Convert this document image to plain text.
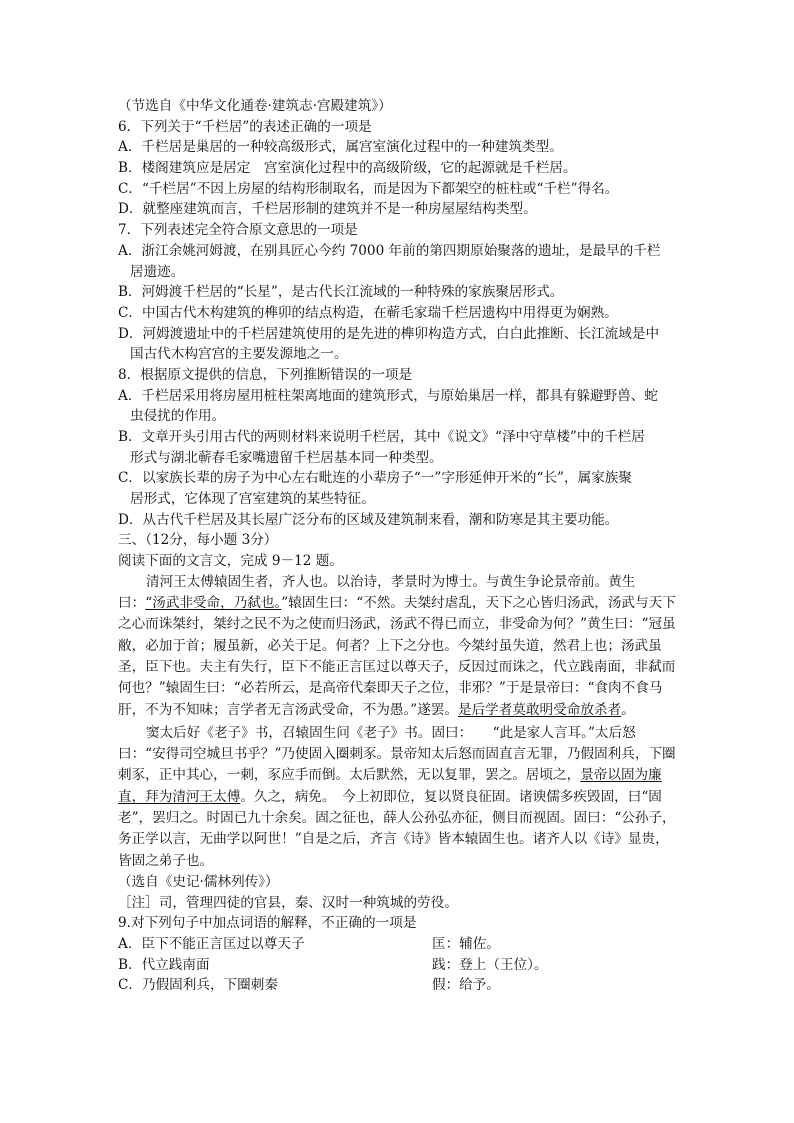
（节选自《中华文化通卷·建筑志·宫殿建筑》）
6．下列关于“千栏居”的表述正确的一项是
A．千栏居是巢居的一种较高级形式，属宫室演化过程中的一种建筑类型。
B．楼阁建筑应是居定　宫室演化过程中的高级阶级，它的起源就是千栏居。
C．“千栏居”不因上房屋的结构形制取名，而是因为下都架空的桩柱或“千栏”得名。
D．就整座建筑而言，千栏居形制的建筑并不是一种房屋屋结构类型。
7．下列表述完全符合原文意思的一项是
A．浙江余姚河姆渡，在别具匠心今约 7000 年前的第四期原始聚落的遗址，是最早的千栏
居遗迹。
B．河姆渡千栏居的“长星”，是古代长江流域的一种特殊的家族聚居形式。
C．中国古代木构建筑的榫卯的结点构造，在蕲毛家瑞千栏居遗构中用得更为娴熟。
D．河姆渡遗址中的千栏居建筑使用的是先进的榫卯构造方式，白白此推断、长江流域是中
国古代木构宫宫的主要发源地之一。
8．根据原文提供的信息，下列推断错误的一项是
A．千栏居采用将房屋用桩柱架离地面的建筑形式，与原始巢居一样，都具有躲避野兽、蛇
虫侵扰的作用。
B．文章开头引用古代的两则材料来说明千栏居，其中《说文》“泽中守草楼”中的千栏居
形式与湖北蕲春毛家嘴遗留千栏居基本同一种类型。
C．以家族长辈的房子为中心左右毗连的小辈房子“一”字形延伸开米的“长”，属家族聚
居形式，它体现了宫室建筑的某些特征。
D．从古代千栏居及其长屋广泛分布的区域及建筑制来看，潮和防寒是其主要功能。
三、（12分，每小题 3分）
阅读下面的文言文，完成 9－12 题。
清河王太傅辕固生者，齐人也。以治诗，孝景时为博士。与黄生争论景帝前。黄生曰：“汤武非受命，乃弑也。”辕固生曰：“不然。夫桀纣虐乱，天下之心皆归汤武，汤武与天下之心而诛桀纣，桀纣之民不为之使而归汤武，汤武不得已而立，非受命为何？”黄生曰：“冠虽敝，必加于首；履虽新，必关于足。何者？上下之分也。今桀纣虽失道，然君上也；汤武虽圣，臣下也。夫主有失行，臣下不能正言匡过以尊天子，反因过而诛之，代立践南面，非弑而何也？”辕固生曰：“必若所云，是高帝代秦即天子之位，非邪？”于是景帝曰：“食肉不食马肝，不为不知味；言学者无言汤武受命，不为愚。”遂罢。是后学者莫敢明受命放杀者。
窦太后好《老子》书，召辕固生问《老子》书。固曰：　　“此是家人言耳。”太后怒曰：“安得司空城旦书乎？”乃使固入圈刺豕。景帝知太后怒而固直言无罪，乃假固利兵，下圈刺豕，正中其心，一刺，豕应手而倒。太后默然，无以复罪，罢之。居顷之，景帝以固为廉直，拜为清河王太傅。久之，病免。　今上初即位，复以贤良征固。诸谀儒多疾毁固，曰“固老”，罢归之。时固已九十余矣。固之征也，薛人公孙弘亦征，侧目而视固。固曰：“公孙子，务正学以言，无曲学以阿世！”自是之后，齐言《诗》皆本辕固生也。诸齐人以《诗》显贵，皆固之弟子也。
（选自《史记·儒林列传》）
［注］司，管理四徒的官县，秦、汉时一种筑城的劳役。
9.对下列句子中加点词语的解释，不正确的一项是
A．臣下不能正言匡过以尊天子	匡：辅佐。
B．代立践南面	践：登上（王位）。
C．乃假固利兵，下圈刺秦	假：给予。
